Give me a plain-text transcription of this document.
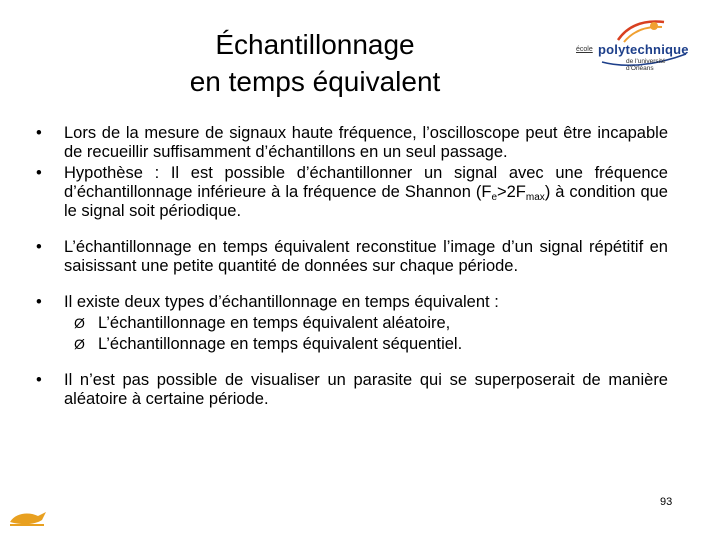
Échantillonnage
en temps équivalent
école polytechnique
de l'université d'Orléans
• Lors de la mesure de signaux haute fréquence, l’oscilloscope peut être incapable de recueillir suffisamment d’échantillons en un seul passage.
• Hypothèse : Il est possible d’échantillonner un signal avec une fréquence d’échantillonnage inférieure à la fréquence de Shannon $(F_e>2F_{max})$ à condition que le signal soit périodique.
• L’échantillonnage en temps équivalent reconstitue l’image d’un signal répétitif en saisissant une petite quantité de données sur chaque période.
• Il existe deux types d’échantillonnage en temps équivalent :
Ø L’échantillonnage en temps équivalent aléatoire,
Ø L’échantillonnage en temps équivalent séquentiel.
• Il n’est pas possible de visualiser un parasite qui se superposerait de manière aléatoire à certaine période.
93
